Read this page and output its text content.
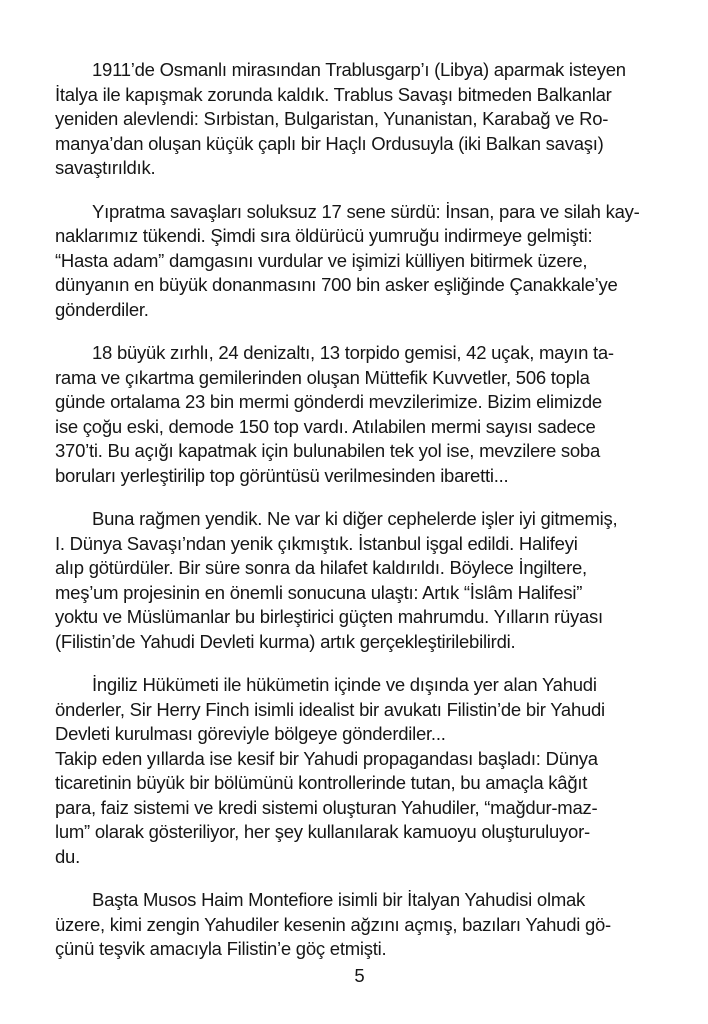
1911’de Osmanlı mirasından Trablusgarp’ı (Libya) aparmak isteyen
İtalya ile kapışmak zorunda kaldık. Trablus Savaşı bitmeden Balkanlar
yeniden alevlendi: Sırbistan, Bulgaristan, Yunanistan, Karabağ ve Ro-
manya’dan oluşan küçük çaplı bir Haçlı Ordusuyla (iki Balkan savaşı)
savaştırıldık.
Yıpratma savaşları soluksuz 17 sene sürdü: İnsan, para ve silah kay-
naklarımız tükendi. Şimdi sıra öldürücü yumruğu indirmeye gelmişti:
“Hasta adam” damgasını vurdular ve işimizi külliyen bitirmek üzere,
dünyanın en büyük donanmasını 700 bin asker eşliğinde Çanakkale’ye
gönderdiler.
18 büyük zırhlı, 24 denizaltı, 13 torpido gemisi, 42 uçak, mayın ta-
rama ve çıkartma gemilerinden oluşan Müttefik Kuvvetler, 506 topla
günde ortalama 23 bin mermi gönderdi mevzilerimize. Bizim elimizde
ise çoğu eski, demode 150 top vardı. Atılabilen mermi sayısı sadece
370’ti. Bu açığı kapatmak için bulunabilen tek yol ise, mevzilere soba
boruları yerleştirilip top görüntüsü verilmesinden ibaretti...
Buna rağmen yendik. Ne var ki diğer cephelerde işler iyi gitmemiş,
I. Dünya Savaşı’ndan yenik çıkmıştık. İstanbul işgal edildi. Halifeyi
alıp götürdüler. Bir süre sonra da hilafet kaldırıldı. Böylece İngiltere,
meş’um projesinin en önemli sonucuna ulaştı: Artık “İslâm Halifesi”
yoktu ve Müslümanlar bu birleştirici güçten mahrumdu. Yılların rüyası
(Filistin’de Yahudi Devleti kurma) artık gerçekleştirilebilirdi.
İngiliz Hükümeti ile hükümetin içinde ve dışında yer alan Yahudi
önderler, Sir Herry Finch isimli idealist bir avukatı Filistin’de bir Yahudi
Devleti kurulması göreviyle bölgeye gönderdiler...
Takip eden yıllarda ise kesif bir Yahudi propagandası başladı: Dünya
ticaretinin büyük bir bölümünü kontrollerinde tutan, bu amaçla kâğıt
para, faiz sistemi ve kredi sistemi oluşturan Yahudiler, “mağdur-maz-
lum” olarak gösteriliyor, her şey kullanılarak kamuoyu oluşturuluyor-
du.
Başta Musos Haim Montefiore isimli bir İtalyan Yahudisi olmak
üzere, kimi zengin Yahudiler kesenin ağzını açmış, bazıları Yahudi gö-
çünü teşvik amacıyla Filistin’e göç etmişti.
5
